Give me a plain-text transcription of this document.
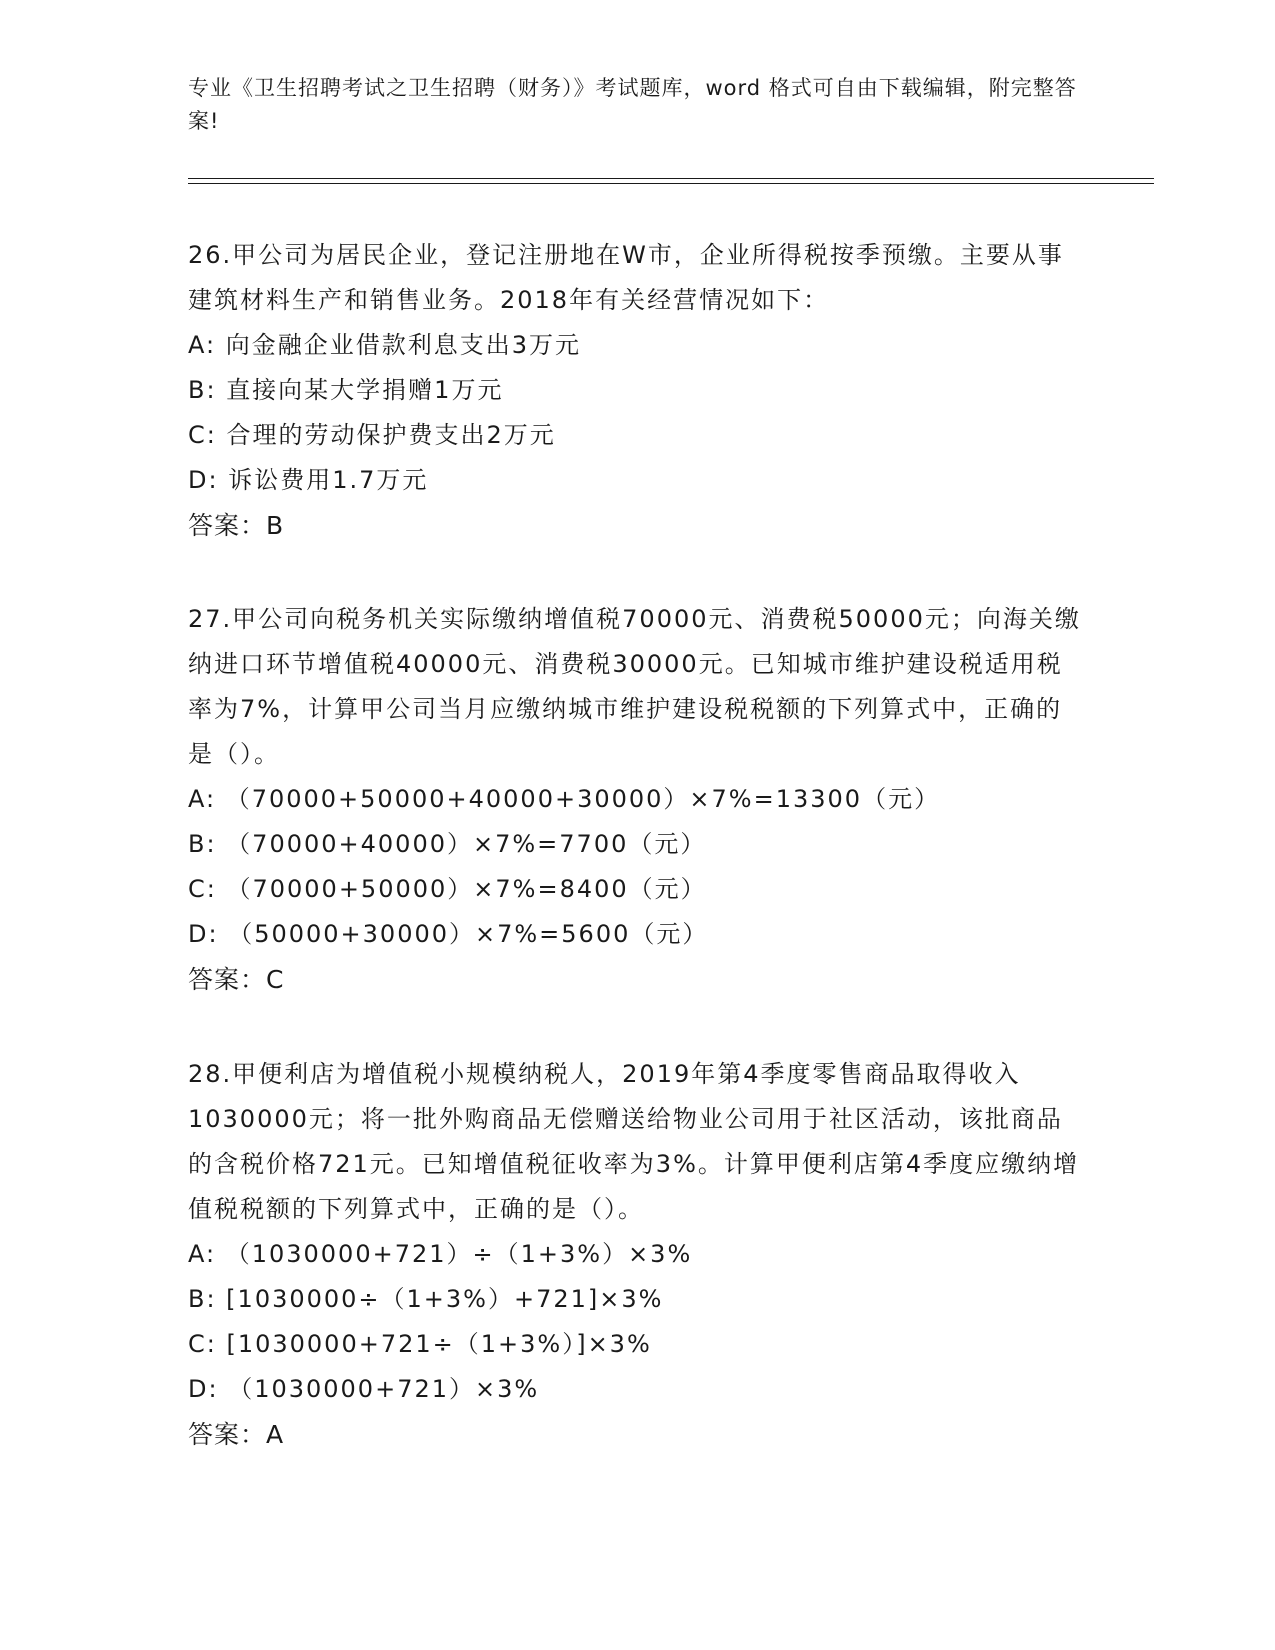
专业《卫生招聘考试之卫生招聘（财务）》考试题库，word 格式可自由下载编辑，附完整答案!

26.甲公司为居民企业，登记注册地在W市，企业所得税按季预缴。主要从事建筑材料生产和销售业务。2018年有关经营情况如下：

A: 向金融企业借款利息支出3万元

B: 直接向某大学捐赠1万元

C: 合理的劳动保护费支出2万元

D: 诉讼费用1.7万元

答案：B

27.甲公司向税务机关实际缴纳增值税70000元、消费税50000元；向海关缴纳进口环节增值税40000元、消费税30000元。已知城市维护建设税适用税率为7%，计算甲公司当月应缴纳城市维护建设税税额的下列算式中，正确的是（）。

A: （70000+50000+40000+30000）×7%=13300（元）

B: （70000+40000）×7%=7700（元）

C: （70000+50000）×7%=8400（元）

D: （50000+30000）×7%=5600（元）

答案：C

28.甲便利店为增值税小规模纳税人，2019年第4季度零售商品取得收入1030000元；将一批外购商品无偿赠送给物业公司用于社区活动，该批商品的含税价格721元。已知增值税征收率为3%。计算甲便利店第4季度应缴纳增值税税额的下列算式中，正确的是（）。

A: （1030000+721）÷（1+3%）×3%

B: [1030000÷（1+3%）+721]×3%

C: [1030000+721÷（1+3%）]×3%

D: （1030000+721）×3%

答案：A
